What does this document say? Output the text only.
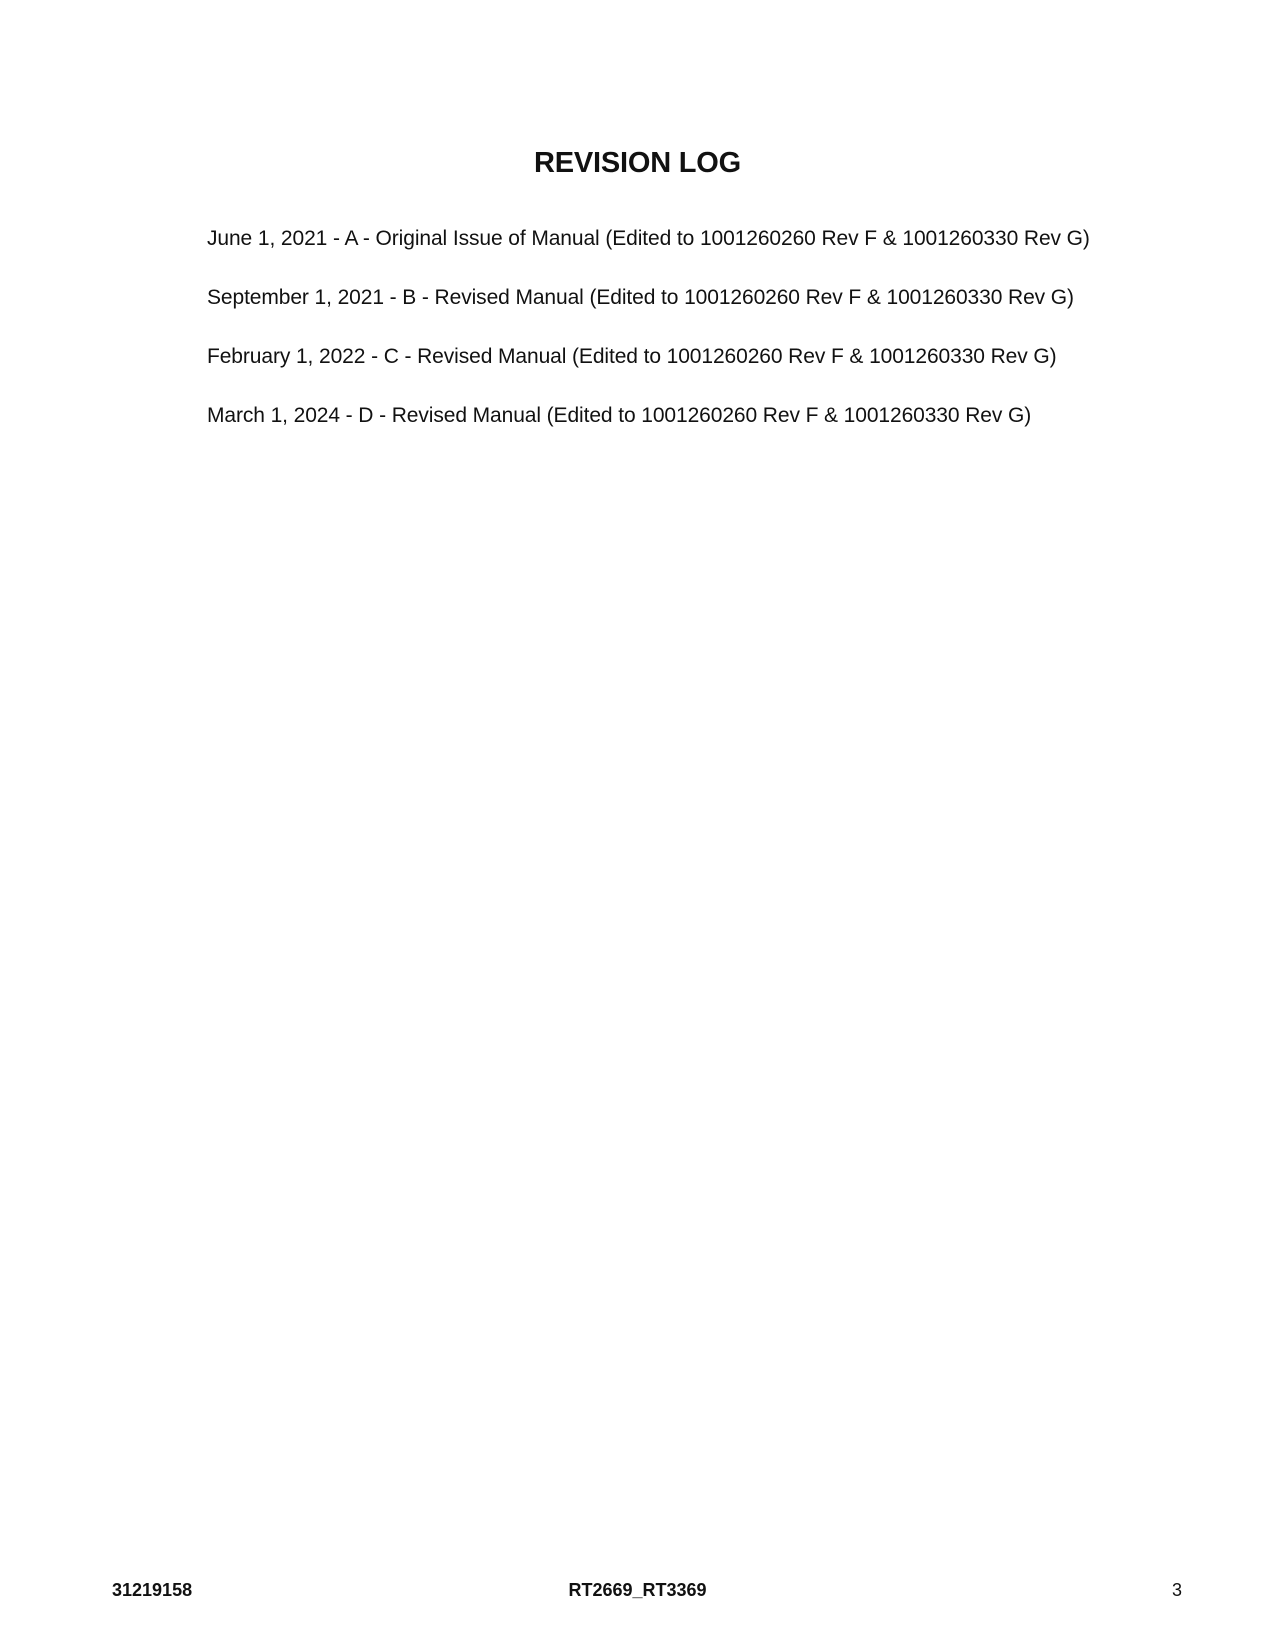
REVISION LOG
June 1, 2021 - A - Original Issue of Manual (Edited to 1001260260 Rev F & 1001260330 Rev G)
September 1, 2021 - B - Revised Manual (Edited to 1001260260 Rev F & 1001260330 Rev G)
February 1, 2022 - C - Revised Manual (Edited to 1001260260 Rev F & 1001260330 Rev G)
March 1, 2024 - D - Revised Manual (Edited to 1001260260 Rev F & 1001260330 Rev G)
RT2669_RT3369
31219158	3
